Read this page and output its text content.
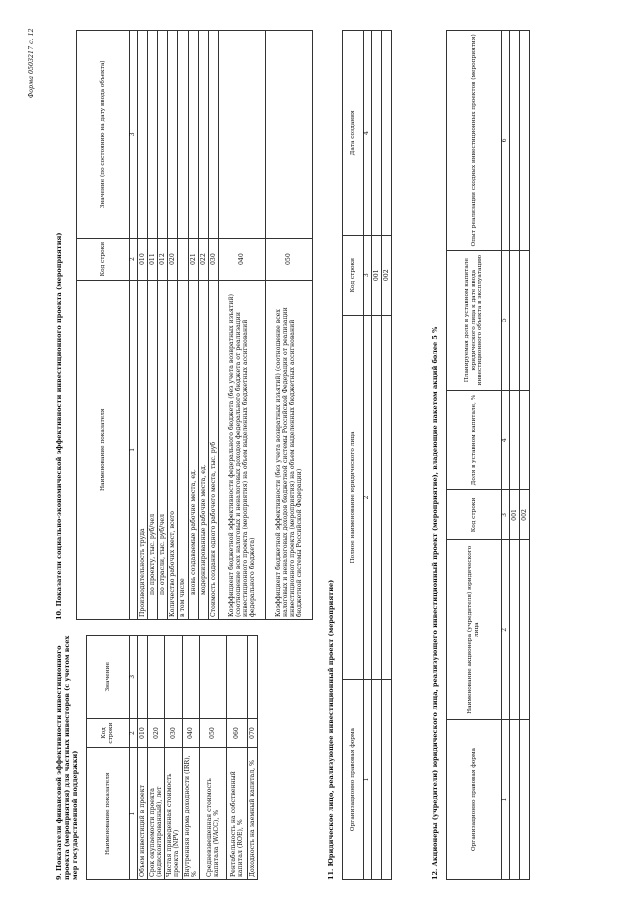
Форма 0503217 с. 12
9. Показатели финансовой эффективности инвестиционного проекта (мероприятия) для частных инвесторов (с учетом всех мер государственной поддержки)	Наименование показателя	Код строки	Значение
1	2	3
Объем инвестиций в проект	010	
Срок окупаемости проекта (недисконтированный), лет	020	
Чистая приведенная стоимость проекта (NPV)	030	
Внутренняя норма доходности (IRR), %	040	
Средневзвешенная стоимость капитала (WACC), %	050	
Рентабельность на собственный капитал (ROE), %	060	
Доходность на заемный капитал, %	070	
10. Показатели социально-экономической эффективности инвестиционного проекта (мероприятия)	Наименование показателя	Код строки	Значение (по состоянию на дату ввода объекта)
1	2	3
Производительность труда	010	
по проекту, тыс. руб/чел	011	
по отрасли, тыс. руб/чел	012	
Количество рабочих мест, всего	020	
в том числе		
вновь создаваемые рабочие места, ед.	021	
модернизированные рабочие места, ед.	022	
Стоимость создания одного рабочего места, тыс. руб	030	
Коэффициент бюджетной эффективности федерального бюджета (без учета возвратных изъятий) (соотношение всех налоговых и неналоговых доходов федерального бюджета от реализации инвестиционного проекта (мероприятия) на объем выделенных бюджетных ассигнований федерального бюджета)	040	
Коэффициент бюджетной эффективности (без учета возвратных изъятий) (соотношение всех налоговых и неналоговых доходов бюджетной системы Российской Федерации от реализации инвестиционного проекта (мероприятия) на объем выделенных бюджетных ассигнований бюджетной системы Российской Федерации)	050	
11. Юридическое лицо, реализующее инвестиционный проект (мероприятие)	Организационно правовая форма	Полное наименование юридического лица	Код строки	Дата создания
1	2	3	4
		001	
		002	
12. Акционеры (учредители) юридического лица, реализующего инвестиционный проект (мероприятие), владеющие пакетом акций более 5 %	Организационно правовая форма	Наименование акционера (учредителя) юридического лица	Код строки	Доля в уставном капитале, %	Планируемая доля в уставном капитале юридического лица к дате ввода инвестиционного объекта в эксплуатацию	Опыт реализации сходных инвестиционных проектов (мероприятия)
1	2	3	4	5	6
		001			
		002			
